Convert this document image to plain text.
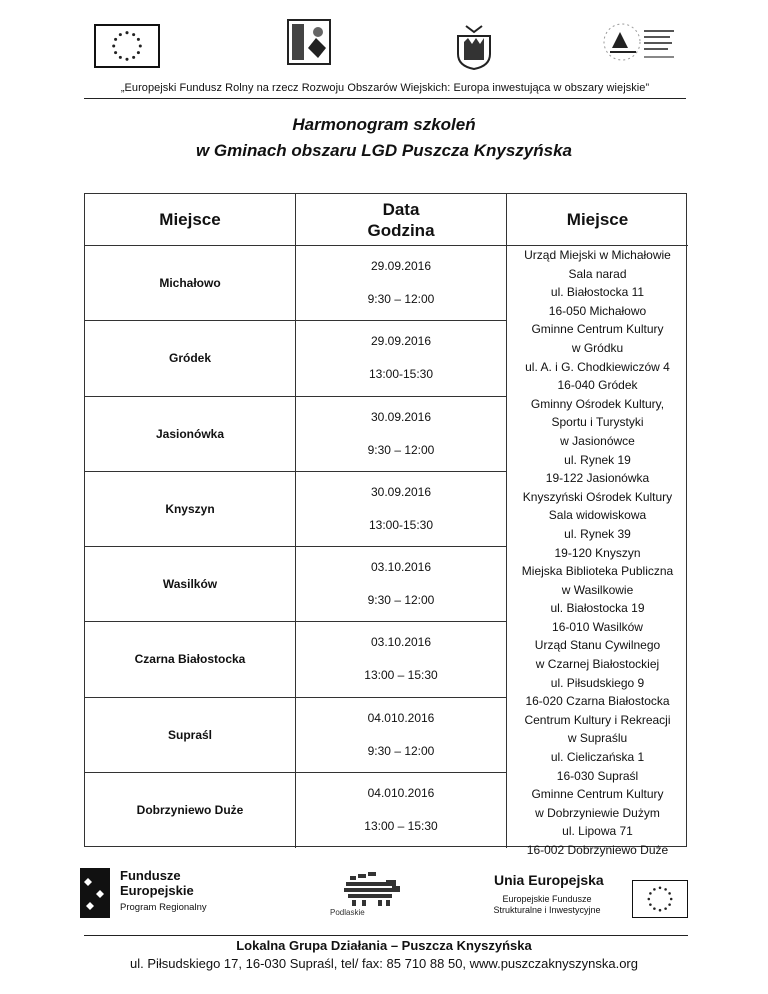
„Europejski Fundusz Rolny na rzecz Rozwoju Obszarów Wiejskich: Europa inwestująca w obszary wiejskie”
Harmonogram szkoleń
w Gminach obszaru LGD Puszcza Knyszyńska
Miejsce
Data
Godzina
Miejsce
Michałowo
29.09.2016
9:30 – 12:00
Gródek
29.09.2016
13:00-15:30
Jasionówka
30.09.2016
9:30 – 12:00
Knyszyn
30.09.2016
13:00-15:30
Wasilków
03.10.2016
9:30 – 12:00
Czarna Białostocka
03.10.2016
13:00 – 15:30
Supraśl
04.010.2016
9:30 – 12:00
Dobrzyniewo Duże
04.010.2016
13:00 – 15:30
Urząd Miejski w Michałowie
Sala narad
ul. Białostocka 11
16-050 Michałowo
Gminne Centrum Kultury
w Gródku
ul. A. i G. Chodkiewiczów 4
16-040 Gródek
Gminny Ośrodek Kultury,
Sportu i Turystyki
w Jasionówce
ul. Rynek 19
19-122 Jasionówka
Knyszyński Ośrodek Kultury
Sala widowiskowa
ul. Rynek 39
19-120 Knyszyn
Miejska Biblioteka Publiczna
w Wasilkowie
ul. Białostocka 19
16-010 Wasilków
Urząd Stanu Cywilnego
w Czarnej Białostockiej
ul. Piłsudskiego 9
16-020 Czarna Białostocka
Centrum Kultury i Rekreacji
w Supraślu
ul. Cieliczańska 1
16-030 Supraśl
Gminne Centrum Kultury
w Dobrzyniewie Dużym
ul. Lipowa 71
16-002 Dobrzyniewo Duże
Fundusze
Europejskie
Program Regionalny	Podlaskie
Unia Europejska
Europejskie Fundusze
Strukturalne i Inwestycyjne
Lokalna Grupa Działania – Puszcza Knyszyńska
ul. Piłsudskiego 17, 16-030 Supraśl, tel/ fax: 85 710 88 50, www.puszczaknyszynska.org
